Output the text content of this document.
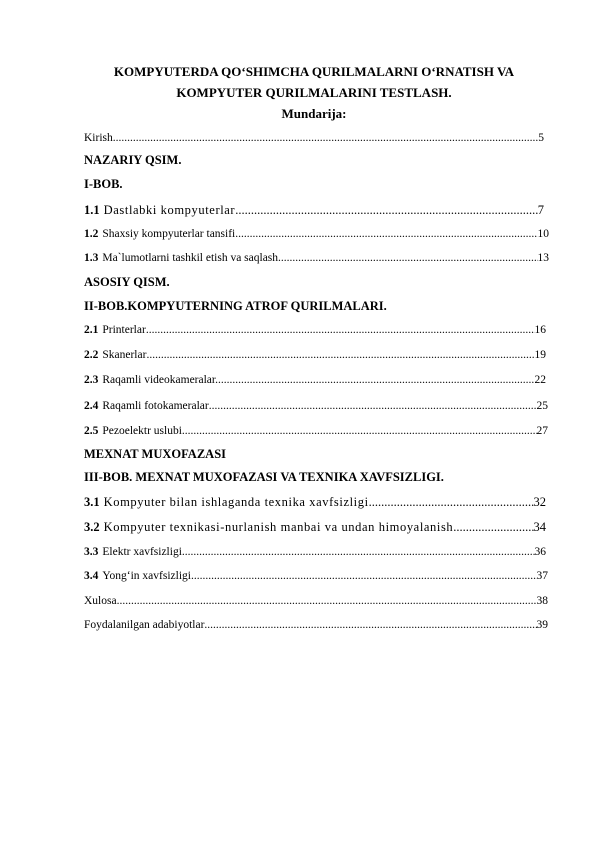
KOMPYUTERDA QO‘SHIMCHA QURILMALARNI O‘RNATISH VA
KOMPYUTER QURILMALARINI TESTLASH.
Mundarija:
Kirish .....	5
NAZARIY QSIM.
I-BOB.
1.1 Dastlabki kompyuterlar .....	7
1.2 Shaxsiy kompyuterlar tansifi .....	10
1.3 Ma`lumotlarni tashkil etish va saqlash .....	13
ASOSIY QISM.
II-BOB.KOMPYUTERNING ATROF QURILMALARI.
2.1 Printerlar .....	16
2.2 Skanerlar .....	19
2.3 Raqamli videokameralar. .....	22
2.4 Raqamli fotokameralar .....	25
2.5 Pezoelektr uslubi .....	27
MEXNAT MUXOFAZASI
III-BOB. MEXNAT MUXOFAZASI VA TEXNIKA XAVFSIZLIGI.
3.1 Kompyuter bilan ishlaganda texnika xavfsizligi .....	32
3.2 Kompyuter texnikasi-nurlanish manbai va undan himoyalanish .....	34
3.3 Elektr xavfsizligi .....	36
3.4 Yong‘in xavfsizligi .....	37
Xulosa .....	38
Foydalanilgan adabiyotlar .....	39
